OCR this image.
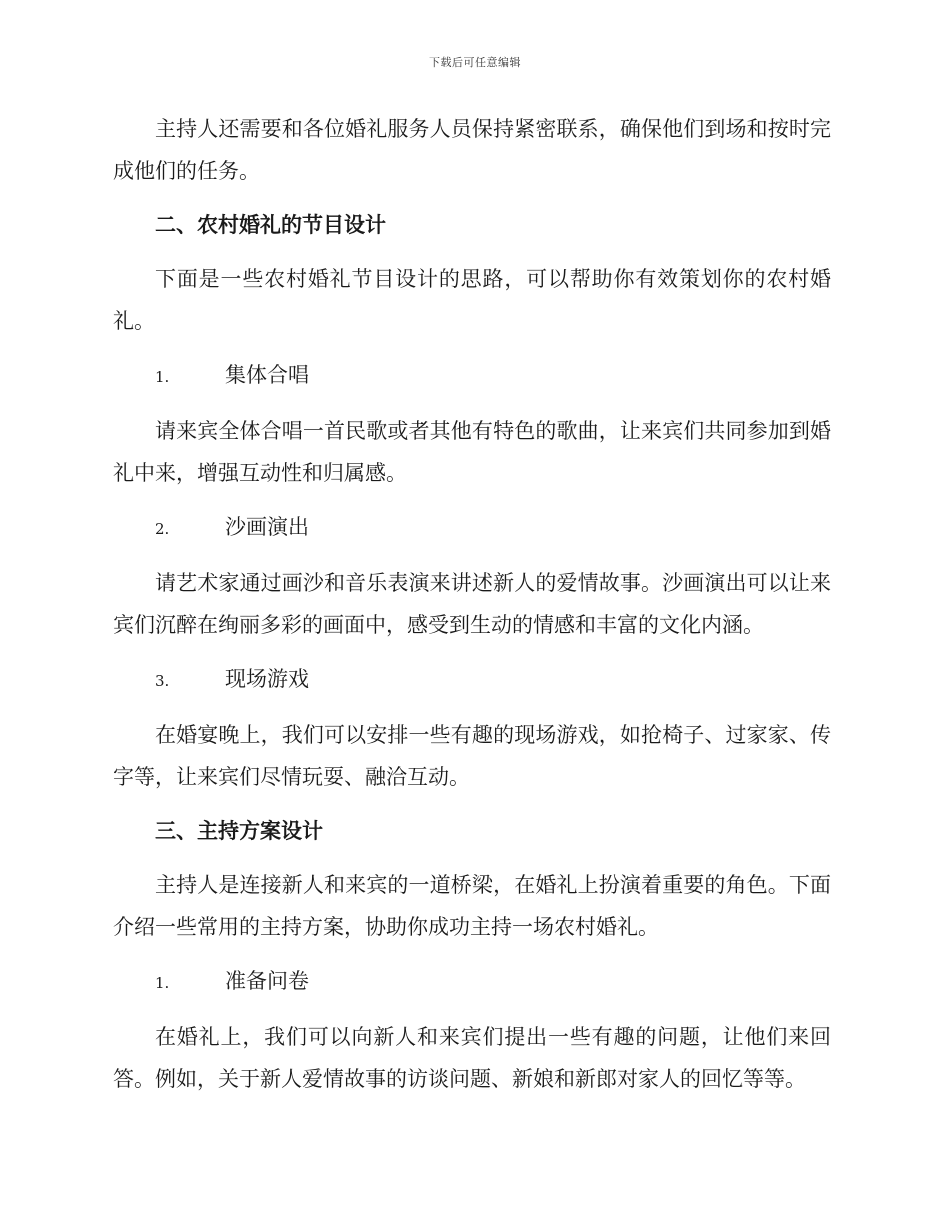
下载后可任意编辑

主持人还需要和各位婚礼服务人员保持紧密联系，确保他们到场和按时完成他们的任务。

二、农村婚礼的节目设计

下面是一些农村婚礼节目设计的思路，可以帮助你有效策划你的农村婚礼。

1.	集体合唱

请来宾全体合唱一首民歌或者其他有特色的歌曲，让来宾们共同参加到婚礼中来，增强互动性和归属感。

2.	沙画演出

请艺术家通过画沙和音乐表演来讲述新人的爱情故事。沙画演出可以让来宾们沉醉在绚丽多彩的画面中，感受到生动的情感和丰富的文化内涵。

3.	现场游戏

在婚宴晚上，我们可以安排一些有趣的现场游戏，如抢椅子、过家家、传字等，让来宾们尽情玩耍、融洽互动。

三、主持方案设计

主持人是连接新人和来宾的一道桥梁，在婚礼上扮演着重要的角色。下面介绍一些常用的主持方案，协助你成功主持一场农村婚礼。

1.	准备问卷

在婚礼上，我们可以向新人和来宾们提出一些有趣的问题，让他们来回答。例如，关于新人爱情故事的访谈问题、新娘和新郎对家人的回忆等等。
